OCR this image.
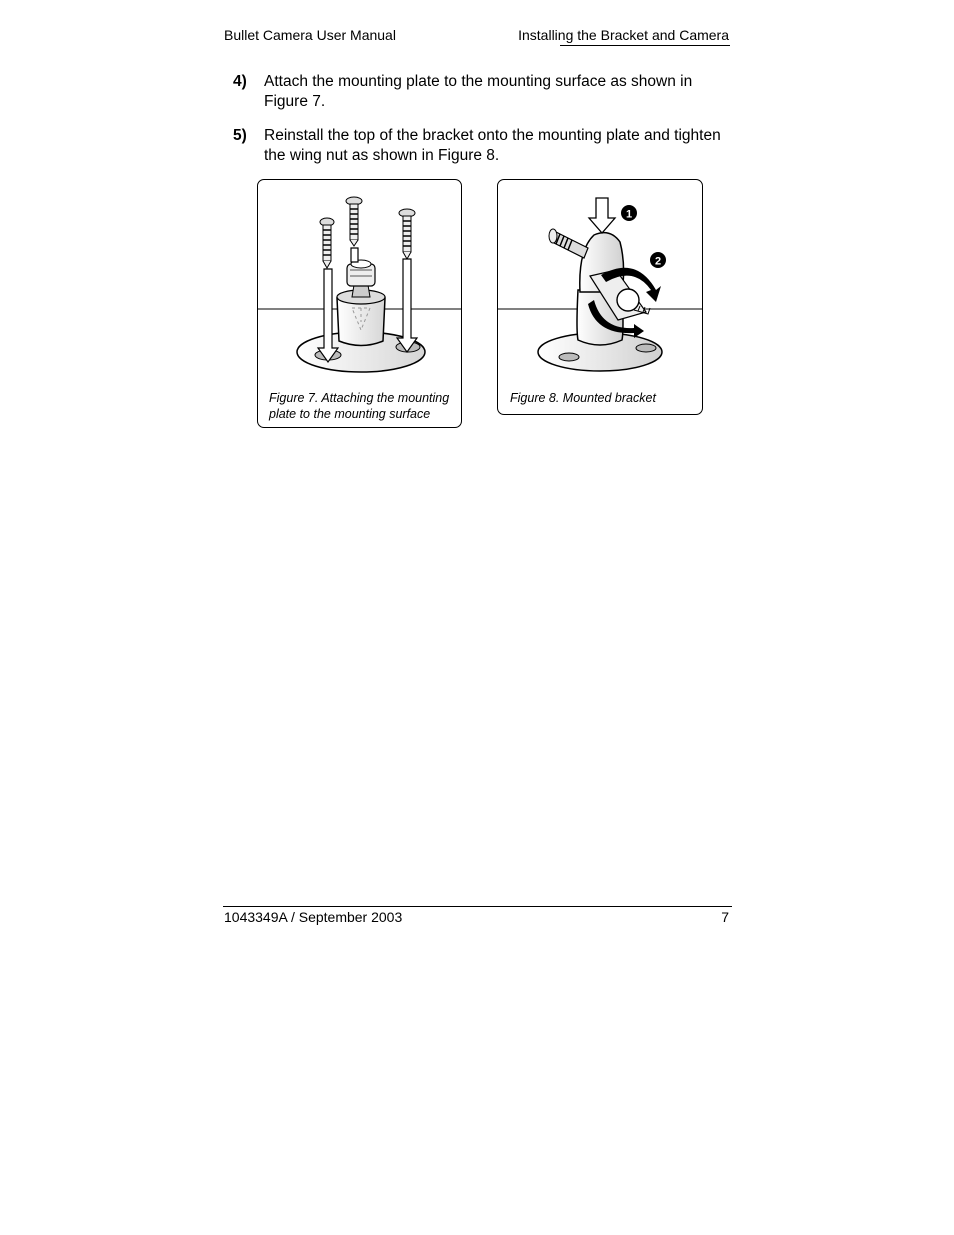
Bullet Camera User Manual	Installing the Bracket and Camera
4) Attach the mounting plate to the mounting surface as shown in Figure 7.
5) Reinstall the top of the bracket onto the mounting plate and tighten the wing nut as shown in Figure 8.
Figure 7. Attaching the mounting plate to the mounting surface
1
2
Figure 8. Mounted bracket
1043349A / September 2003	7
